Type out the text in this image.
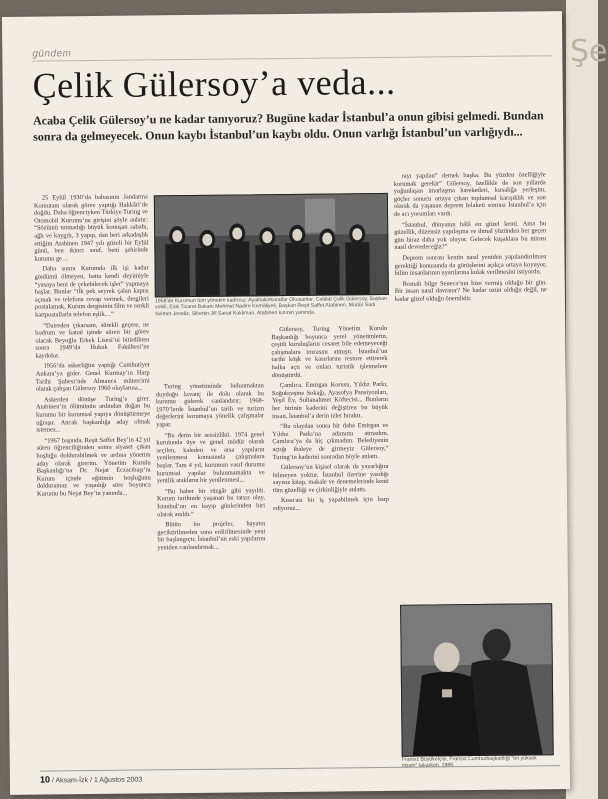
Şe
gündem
Çelik Gülersoy’a veda...
Acaba Çelik Gülersoy’u ne kadar tanıyoruz? Bugüne kadar İstanbul’a onun gibisi gelmedi. Bundan sonra da gelmeyecek. Onun kaybı İstanbul’un kaybı oldu. Onun varlığı İstanbul’un varlığıydı...

25 Eylül 1930’da babasının Jandarma Komutanı olarak görev yaptığı Hakkâri’de doğdu. Daha öğrenciyken Türkiye Turing ve Otomobil Kurumu’na girişini şöyle anlatır: “Sözümü tutmadığı büyük konuşan sabahı, ağlı ve kaygılı, 3 yapıp, dan beri arkadaşlık ettiğim Atabinen 1947 yılı güzeli bir Eylül günü, ben ikinci sınıf, beni şehirinde kurumu ge…

Daha sonra Kurumda ilk işi kadar gönlümü ölmeyen, hatta kendi deyimiyle “yasaya beni de çekebilecek işler” yapmaya başlar. Bunlar “ilk pek seyrek çalan kapısı açmak ve telefona cevap vermek, dergileri postalamak, Kurum dergisinin film ve renkli kartpostallarla telefon eşlik…”

“Daireden çıkarsam, sürekli geçere, ne bodrum ve kanal işinde süren bir görev olacak Beyoğlu Erkek Lisesi’ni bitirdikten sonra 1949’da Hukuk Fakültesi’ne kaydolur.

1956’da askerliğini yaptığı Cumhuriyet Ankara’ya gider. Genel Kurmay’ın Harp Tarihi Şubesi’nde Almanca mütercimi olarak çalışan Gülersoy 1960 olaylarına...

Askerden dönüşe Turing’e girer. Atabinen’in ölümünün ardından doğan bu kurumu bir kurumsal yapıya dönüştürmeye uğraşır. Ancak başkanlığa aday olmak istemez...

“1967 başında, Reşit Saffet Bey’in 42 yıl süren öğrenciliğinden sonra siyaset çıkan boşluğu doldurabilmek ve ardına yönetim aday olarak girerim. Yönetim Kurulu Başkanlığı’na Dr. Nejat Eczacıbaşı’nı Kurum içinde eğitimin boşluğunu dolduramaz ve yaşadığı süre boyunca Kurumu bu Nejat Bey’in yanında...

1958’de Kurumun tüm yönetim kadrosu: Ayaktakinkaratlar Okusanlar: Celâlat Çelik Gülersoy, Başkan vekili, Eski Ticaret Bakanı Mehmet Nadire Kemâliyeli, Başkan Reşit Saffet Atabinen, Müdür Sadi Selmet Jeneliz, Sikertin Jill Sanat Kokliman. Atabinen kızının yanında.

Turing yönetiminde bulunmaktan duyduğu kıvanç ile dolu olarak bu kurumu giderek canlandırır; 1968-1970’lerde İstanbul’un tarih ve turizm değerlerini korumaya yönelik çalışmalar yapar.

“Bu derin bir sessizlikti. 1974 genel kurulunda üye ve genel müdür olarak seçilen, kaleden ve arsa yapıların yenilenmesi konusunda çalışmalara başlar. Tam 4 yıl, kurumun vasıf durumu kurumsal yapılar bulunmamakta ve yenilik atakların bir yenilenmesi...

“Bu haber bir rüzgâr gibi yayıldı. Kurum tarihinde yaşanan bu tatsız olay, İstanbul’un en kayıp günlerinden biri olarak anıldı.”

Bütün bu projeler, hayatın geciktirilmeden sona erdirilmesinde yeni bir başlangıçtı; İstanbul’un eski yapılarını yeniden canlandırmak...

Gülersoy, Turing Yönetim Kurulu Başkanlığı boyunca yerel yönetimlerin, çeşitli kuruluşların cesaret bile edemeyeceği çalışmalara imzasını atmıştı. İstanbul’un tarihi köşk ve kasırlarını restore ettirerek halka açtı ve onları turistik işletmelere dönüştürdü.

Çamlıca, Emirgan Korusu, Yıldız Parkı, Soğukçeşme Sokağı, Ayasofya Pansiyonları, Yeşil Ev, Sultanahmet Köftecisi... Bunların her birinin kaderini değiştiren bu büyük insan, İstanbul’a derin izler bıraktı.

“Bu olaydan sonra bir daha Emirgan ve Yıldız Parkı’na adımımı atmadım. Çamlıca’ya da hiç çıkmadım. Belediyenin açtığı ihaleye de girmeyiz Gülersoy,” Turing’in kaderini sonradan böyle anlattı.

Gülersoy’un kişisel olarak da yazarlığını bilmeyen yoktur. İstanbul üzerine yazdığı sayısız kitap, makale ve denemelerinde kenti tüm güzelliği ve çirkinliğiyle anlattı.

Kısacası bir iş yapabilmek için harp ediyoruz...

rayı yapılan” demek başka. Bu yüzden özelliğiyle korumak gerekir” Gülersoy, özellikle de son yıllarda yoğunlaşan imarlaşma hareketleri, kırsalığa yerleşim, göçler sonucu ortaya çıkan toplumsal karışıklık ve son olarak da yaşanan deprem felaketi sonrası İstanbul’a için de acı yorumları vardı.

“İstanbul, dünyanın hâlâ en güzel kenti. Ama bu güzellik, düzensiz yapılaşma ve ihmal yüzünden her geçen gün biraz daha yok oluyor. Gelecek kuşaklara bu mirası nasıl devredeceğiz?”

Deprem sonrası kentin nasıl yeniden yapılandırılması gerektiği konusunda da görüşlerini açıkça ortaya koyuyor, bilim insanlarının uyarılarına kulak verilmesini istiyordu.

Romalı bilge Seneca’nın bize vermiş olduğu bir gün. Bir insan nasıl davranır? Ne kadar uzun olduğu değil, ne kadar güzel olduğu önemlidir.

Fransız Büyükelçisi, Fransız Cumhurbaşkanlığı “en yüksek
10 / Aksam-İzk / 1 Ağustos 2003
